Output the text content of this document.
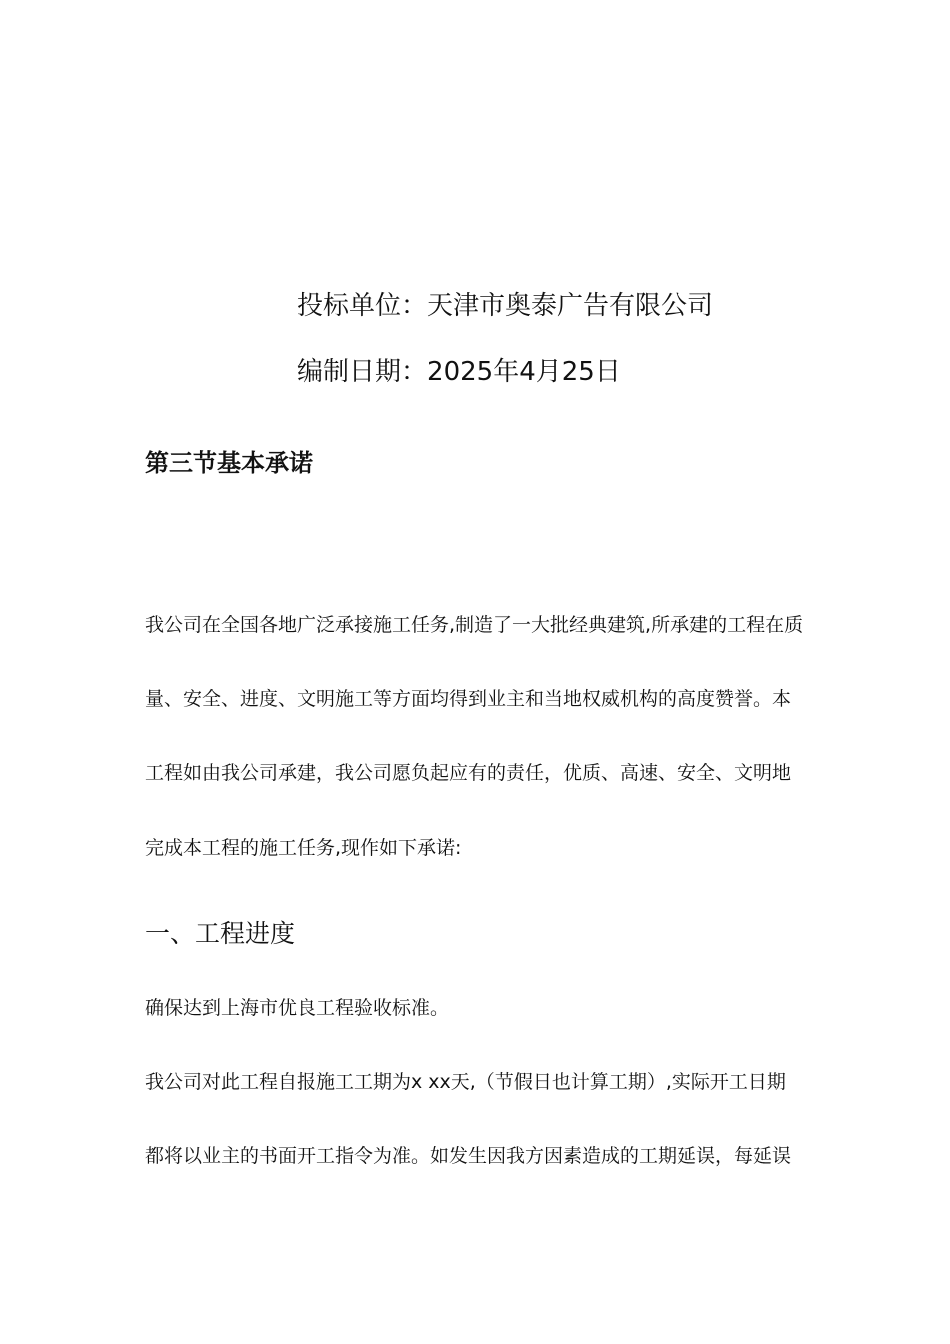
投标单位：天津市奥泰广告有限公司
编制日期：2025年4月25日
第三节基本承诺
我公司在全国各地广泛承接施工任务,制造了一大批经典建筑,所承建的工程在质
量、安全、进度、文明施工等方面均得到业主和当地权威机构的高度赞誉。本
工程如由我公司承建，我公司愿负起应有的责任，优质、高速、安全、文明地
完成本工程的施工任务,现作如下承诺:
一、工程进度
确保达到上海市优良工程验收标准。
我公司对此工程自报施工工期为x xx天,（节假日也计算工期）,实际开工日期
都将以业主的书面开工指令为准。如发生因我方因素造成的工期延误，每延误
